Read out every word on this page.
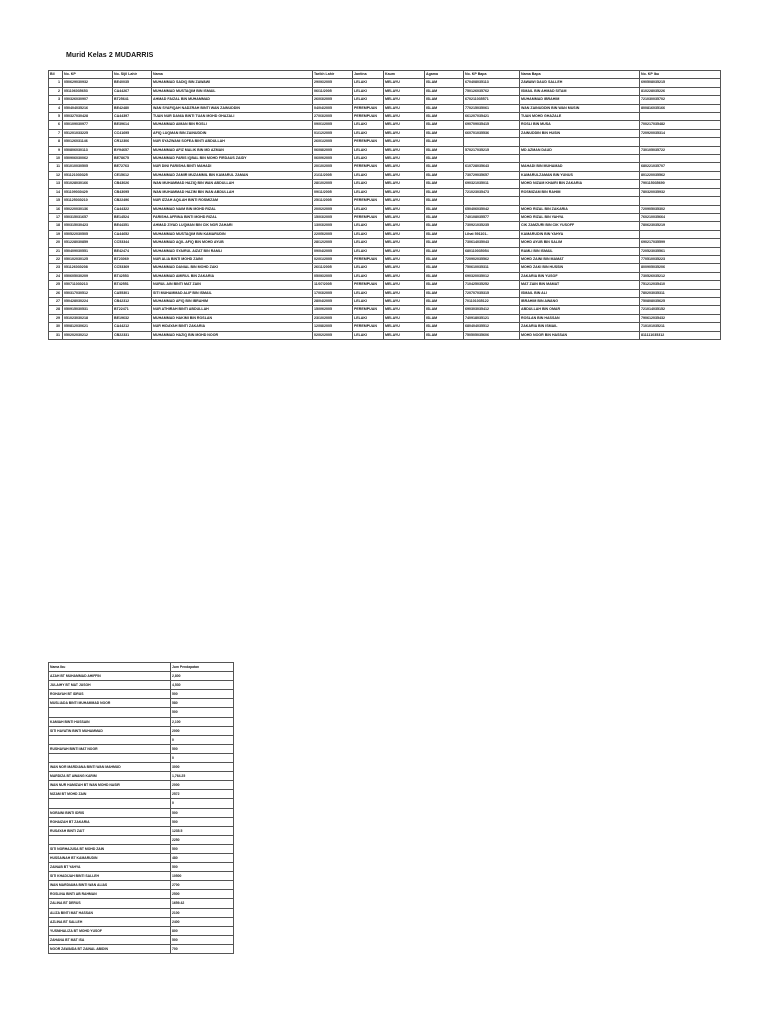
Murid Kelas 2 MUDARRIS
Bil	No. KP	No. Sijil Lahir	Nama	Tarikh Lahir	Jantina	Kaum	Agama	No. KP Bapa	Nama Bapa	No. KP Ibu
1	050629030932	BE40035	MUHAMMAD SADIQ BIN ZAWAWI	29/06/2005	LELAKI	MELAYU	ISLAM	670408035113	ZAWAWI DAUD SALLEH	690508035215
2	051106035653	CA44267	MUHAMMAD MUSTAQIM BIN ISMAIL	06/11/2005	LELAKI	MELAYU	ISLAM	750126035762	ISMAIL BIN AHMAD SITAM	810228035226
3	050326030907	BT25641	AHMAD FAIZAL BIN MUHAMMAD	26/03/2005	LELAKI	MELAYU	ISLAM	670211035571	MUHAMMAD IBRAHIM	721030035702
4	050404035216	BE42480	WAN SYAFIQAH NADZRAH BINTI WAN ZAINUDDIN	04/04/2005	PEREMPUAN	MELAYU	ISLAM	770215035061	WAN ZAINUDDIN BIN WAN MUSIN	800816035166
5	050327030428	CA44397	TUAN NUR DANIA BINTI TUAN MOHD GHAZALI	27/03/2005	PEREMPUAN	MELAYU	ISLAM	661207035421	TUAN MOHD GHAZALE	
6	050109030977	BE39614	MUHAMMAD AIMAN BIN ROSLI	09/01/2005	LELAKI	MELAYU	ISLAM	690709035415	ROSLI BIN MUSA	700217035482
7	051201033225	CC41695	AFIQ LUQMAN BIN ZAINUDDIN	01/12/2005	LELAKI	MELAYU	ISLAM	660701035536	ZAINUDDIN BIN HUSIN	720920035314
8	050126031146	CR12306	NUR SYAZWANI SOFEA BINTI ABDULLAH	26/01/2005	PEREMPUAN	MELAYU	ISLAM			
9	050806030113	BY94657	MUHAMMAD AFIZ MALIK BIN MD AZMAN	06/08/2005	LELAKI	MELAYU	ISLAM	570217035215	MD AZMAN DAUD	730105035722
10	050906030062	BE78675	MUHAMMAD FARIS IQBAL BIN MOHD FIRDAUS ZAIDY	06/09/2005	LELAKI	MELAYU	ISLAM			
11	051010030505	BE72763	NUR DINI FARISHA BINTI MAHADI	20/10/2005	PEREMPUAN	MELAYU	ISLAM	610728035643	MAHADI BIN MUHAMAD	680221035707
12	051121030325	CE15612	MUHAMMAD ZAMIR MUZAMMIL BIN KAMARUL ZAMAN	21/11/2005	LELAKI	MELAYU	ISLAM	730729035657	KAMARULZAMAN BIN YUNUS	801220035562
13	051028030166	CB43026	WAN MUHAMMAD HAZIQ BIN WAN ABDULLAH	28/10/2005	LELAKI	MELAYU	ISLAM	690321035011	MOHD NIZAM KHAIRI BIN ZAKARIA	790115035690
14	051109030429	CB43095	WAN MUHAMMAD HAZIM BIN WAN ABDULLAH	09/11/2005	LELAKI	MELAYU	ISLAM	721023035473	ROSMIZAM BIN RAHIM	780320035932
15	051125030210	CB22496	NUR IZZAH AQILAH BINTI ROSMIZAM	25/11/2005	PEREMPUAN	MELAYU	ISLAM			
16	050220030136	CA44322	MUHAMMAD NAIM BIN MOHD RIZAL	20/02/2005	LELAKI	MELAYU	ISLAM	650406035042	MOHD RIZAL BIN ZAKARIA	720905035302
17	050315031657	BE14524	FARISHA AFRINA BINTI MOHD RIZAL	15/03/2005	PEREMPUAN	MELAYU	ISLAM	740108035577	MOHD RIZAL BIN YAHYA	760210035664
18	050315030423	BE44351	AHMAD ZIYAD LUQMAN BIN CIK NOR ZAHARI	13/03/2005	LELAKI	MELAYU	ISLAM	730921035235	CIK ZAMZURI BIN CIK YUSOFF	780623035219
19	050522030505	CA44652	MUHAMMAD MUSTAQIM BIN KAMARUDIN	22/05/2005	LELAKI	MELAYU	ISLAM	Lihat 591101..	KAMARUDIN BIN YAHYA	
20	051228030859	CC53344	MUHAMMAD AQIL AFIQ BIN MOHD AYUB	28/12/2005	LELAKI	MELAYU	ISLAM	730614035043	MOHD AYUB BIN SALIM	690217035599
21	050409030551	BE42474	MUHAMMAD SYAIRUL AIZAT BIN RAMLI	09/04/2005	LELAKI	MELAYU	ISLAM	680110035054	RAMLI BIN ISMAIL	720523035561
22	050102030125	BT23069	NUR ALIA BINTI MOHD ZAINI	02/01/2005	PEREMPUAN	MELAYU	ISLAM	720902035562	MOHD ZAINI BIN MAMAT	770510035223
23	051126030208	CC53369	MUHAMMAD DANIAL BIN MOHD ZAKI	26/11/2005	LELAKI	MELAYU	ISLAM	750610035311	MOHD ZAKI BIN HUSSIN	800905035206
24	050605030209	BT42553	MUHAMMAD AMIRUL BIN ZAKARIA	05/06/2005	LELAKI	MELAYU	ISLAM	690320035012	ZAKARIA BIN YUSOF	730526035212
25	050711030213	BT42551	NURUL AIN BINTI MAT ZAIN	11/07/2005	PEREMPUAN	MELAYU	ISLAM	710425035252	MAT ZAIN BIN MAMAT	751212035410
26	050317030512	CA55301	SITI MUHAMMAD ALIF BIN ISMAIL	17/03/2005	LELAKI	MELAYU	ISLAM	720707035315	ISMAIL BIN ALI	780203035311
27	050428030224	CB42312	MUHAMMAD AFIQ BIN IBRAHIM	28/04/2005	LELAKI	MELAYU	ISLAM	701101035122	IBRAHIM BIN AWANG	750808035625
28	050915030531	BT22471	NUR ATHIRAH BINTI ABDULLAH	15/09/2005	PEREMPUAN	MELAYU	ISLAM	690303035412	ABDULLAH BIN OMAR	721014035152
29	051023030218	BE19632	MUHAMMAD HAKIMI BIN ROSLAN	23/10/2005	LELAKI	MELAYU	ISLAM	740918035121	ROSLAN BIN HASSAN	790612035432
30	050812030621	CA44212	NUR HIDAYAH BINTI ZAKARIA	12/08/2005	PEREMPUAN	MELAYU	ISLAM	680404035512	ZAKARIA BIN ISMAIL	710101035211
31	050202030212	CB22331	MUHAMMAD HAZIQ BIN MOHD NOOR	02/02/2005	LELAKI	MELAYU	ISLAM	750505035606	MOHD NOOR BIN HASSAN	811111035312
Nama Ibu	Jum Pendapatan
AZAH BT MUHAMMAD AHIFFIN	2,800
JULAIHY BT MAT JUSOH	4,530
ROHAYAH BT IDRUS	500
MUSLIADA BINTI MUHAMMAD NOOR	580
	500
KAMIAH BINTI HUSSAIN	2,100
SITI HAYATIN BINTI MUHAMMAD	2000
	0
RUSHAYAH BINTI MAT NOOR	500
	0
WAN NOR MARDIANA BINTI WAN MAHMUD	3000
MARDIZA BT AWANG KARIM	1,764.25
WAN NUR HAMIZAH BT WAN MOHD NASIR	2000
NIZAM BT MOHD ZAIN	2572
	0
NORAINI BINTI IDRIS	500
ROHAIZAH BT ZAKARIA	500
RUSAYAH BINTI ZAIT	1235.5
	2250
SITI NORHAJUSA BT MOHD ZAIN	500
HUSSAINAH BT KAMARUDIN	480
ZAINAB BT YAHYA	500
SITI KHADIJAH BINTI SALLEH	10500
WAN MARDIAMA BINTI WAN ALIAS	2700
ROSLINA BINTI AB RAHMAN	2500
ZALINA BT DERUS	1659.42
ALIZA BINTI MAT HASSAN	2100
AZLINA BT SALLEH	2400
YUSNIHALIZA BT MOHD YUSOF	800
ZAHANA BT MAT ISA	500
NOOR ZAWAIDA BT ZAINAL ABIDIN	700
